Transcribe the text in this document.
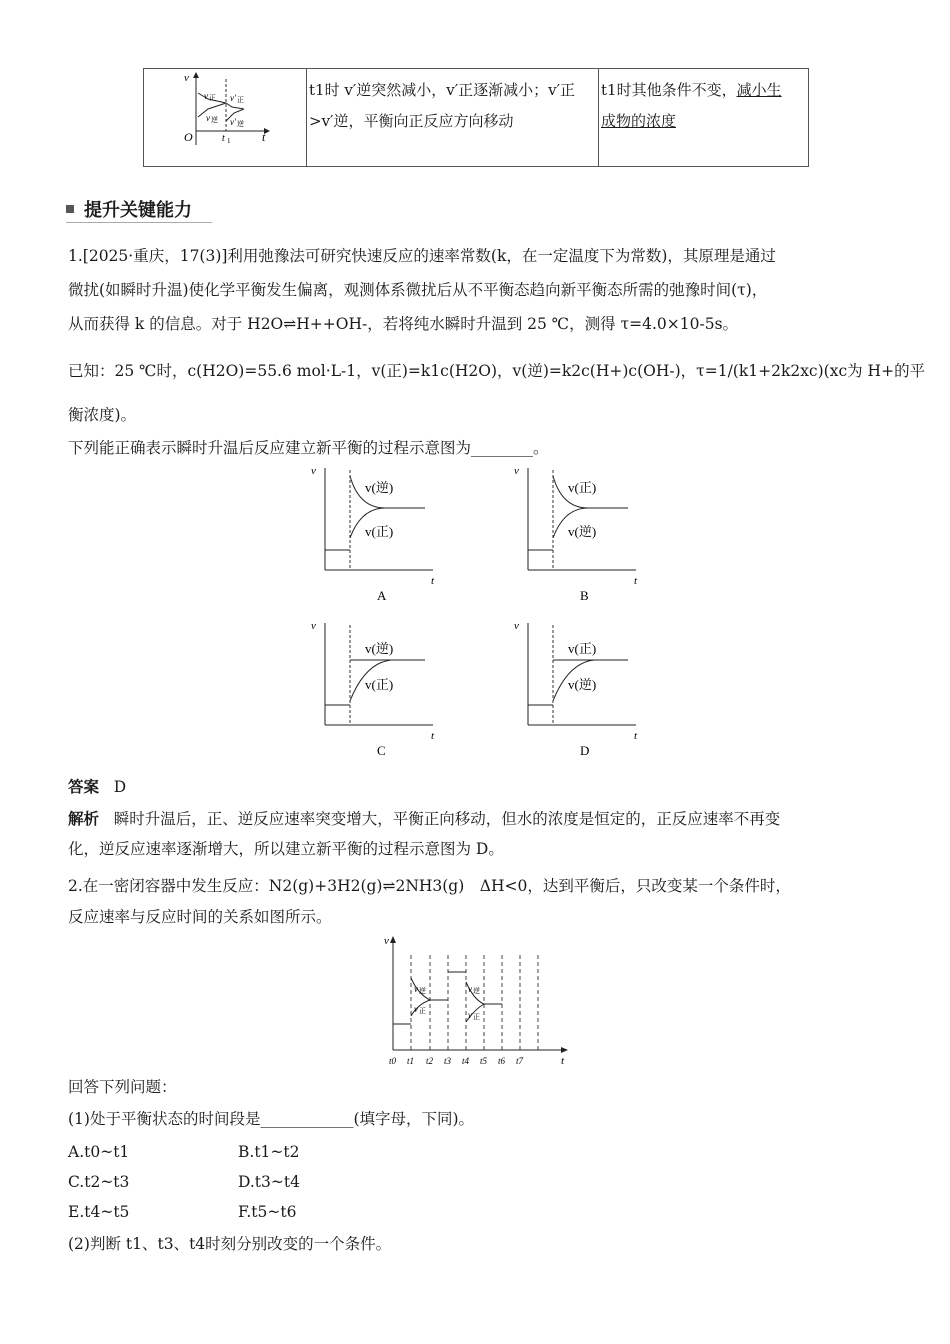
v
O	t
t 1
v 正
v 逆
v' 正
v' 逆

t1时 v′逆突然减小，v′正逐渐减小；v′正
>v′逆，平衡向正反应方向移动

t1时其他条件不变，减小生
成物的浓度
提升关键能力
1.[2025·重庆，17(3)]利用弛豫法可研究快速反应的速率常数(k，在一定温度下为常数)，其原理是通过
微扰(如瞬时升温)使化学平衡发生偏离，观测体系微扰后从不平衡态趋向新平衡态所需的弛豫时间(τ)，
从而获得 k 的信息。对于 H2O⇌H++OH-，若将纯水瞬时升温到 25 ℃，测得 τ=4.0×10-5s。
已知：25 ℃时，c(H2O)=55.6 mol·L-1，v(正)=k1c(H2O)，v(逆)=k2c(H+)c(OH-)，τ=1/(k1+2k2xc)(xc为 H+的平
衡浓度)。
下列能正确表示瞬时升温后反应建立新平衡的过程示意图为________。
v
t
v(逆)
v(正)
A
v
t
v(正)
v(逆)
B
v
t
v(逆)
v(正)
C
v
t
v(正)
v(逆)
D
答案 D
解析 瞬时升温后，正、逆反应速率突变增大，平衡正向移动，但水的浓度是恒定的，正反应速率不再变
化，逆反应速率逐渐增大，所以建立新平衡的过程示意图为 D。
2.在一密闭容器中发生反应：N2(g)+3H2(g)⇌2NH3(g)　ΔH<0，达到平衡后，只改变某一个条件时，
反应速率与反应时间的关系如图所示。
v
t
v 逆
v 正
v 逆
v 正
t0 t1 t2 t3 t4 t5 t6 t7
回答下列问题：
(1)处于平衡状态的时间段是____________(填字母，下同)。
A.t0~t1	B.t1~t2
C.t2~t3	D.t3~t4
E.t4~t5	F.t5~t6
(2)判断 t1、t3、t4时刻分别改变的一个条件。
